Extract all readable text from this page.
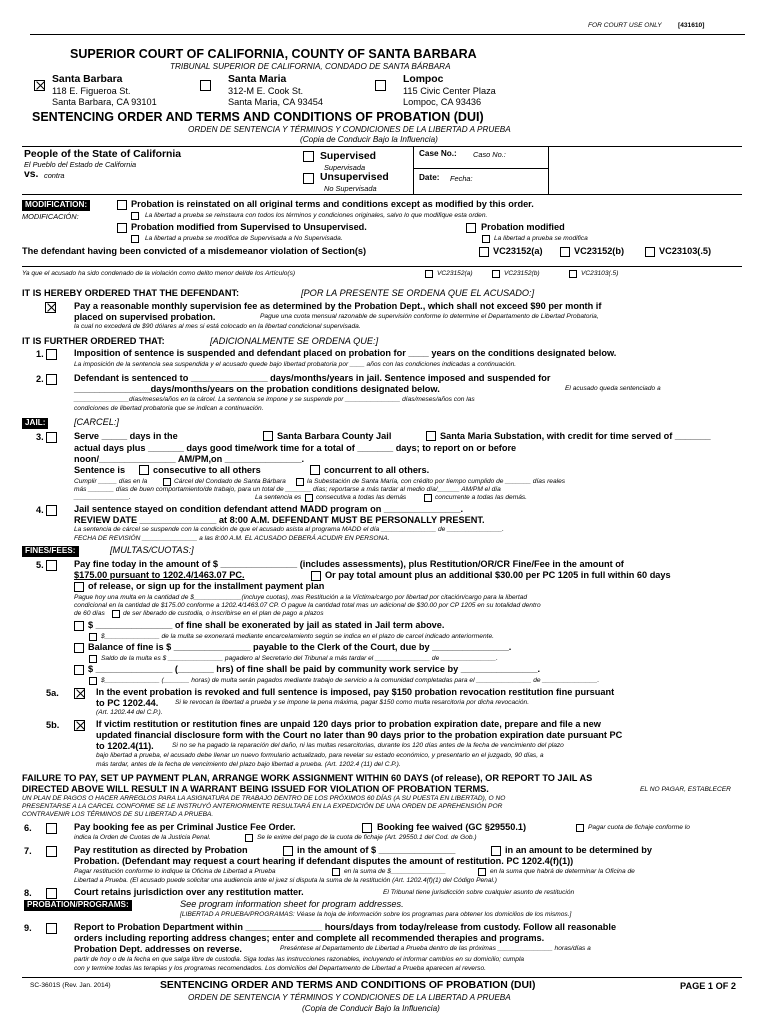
FOR COURT USE ONLY [431610]
SUPERIOR COURT OF CALIFORNIA, COUNTY OF SANTA BARBARA
TRIBUNAL SUPERIOR DE CALIFORNIA, CONDADO DE SANTA BÁRBARA
Santa Barbara
118 E. Figueroa St.
Santa Barbara, CA 93101
Santa Maria
312-M E. Cook St.
Santa Maria, CA 93454
Lompoc
115 Civic Center Plaza
Lompoc, CA 93436
SENTENCING ORDER AND TERMS AND CONDITIONS OF PROBATION (DUI)
ORDEN DE SENTENCIA Y TÉRMINOS Y CONDICIONES DE LA LIBERTAD A PRUEBA
(Copia de Conducir Bajo la Influencia)
People of the State of California
El Pueblo del Estado de California
vs. contra
Supervised
Supervisada
Unsupervised
No Supervisada
Case No.: Caso No.:
Date: Fecha:
MODIFICATION:
MODIFICACIÓN:
Probation is reinstated on all original terms and conditions except as modified by this order.
La libertad a prueba se reinstaura con todos los términos y condiciones originales, salvo lo que modifique esta orden.
Probation modified from Supervised to Unsupervised.	Probation modified
La libertad a prueba se modifica de Supervisada a No Supervisada.	La libertad a prueba se modifica
The defendant having been convicted of a misdemeanor violation of Section(s)	VC23152(a)	VC23152(b)	VC23103(.5)
Ya que el acusado ha sido condenado de la violación como delito menor del/de los Artículo(s)	VC23152(a)	VC23152(b)	VC23103(.5)
IT IS HEREBY ORDERED THAT THE DEFENDANT:	[POR LA PRESENTE SE ORDENA QUE EL ACUSADO:]
Pay a reasonable monthly supervision fee as determined by the Probation Dept., which shall not exceed $90 per month if
placed on supervised probation.	Pague una cuota mensual razonable de supervisión conforme lo determine el Departamento de Libertad Probatoria,
la cual no excederá de $90 dólares al mes si está colocado en la libertad condicional supervisada.
IT IS FURTHER ORDERED THAT:	[ADICIONALMENTE SE ORDENA QUE:]
1.	Imposition of sentence is suspended and defendant placed on probation for ____ years on the conditions designated below.
La imposición de la sentencia sea suspendida y el acusado quede bajo libertad probatoria por ____ años con las condiciones indicadas a continuación.
2.	Defendant is sentenced to _______________ days/months/years in jail. Sentence imposed and suspended for
_______________days/months/years on the probation conditions designated below.	El acusado queda sentenciado a
_______________días/meses/años en la cárcel. La sentencia se impone y se suspende por _______________ días/meses/años con las
condiciones de libertad probatoria que se indican a continuación.
JAIL:	[CARCEL:]
3.	Serve _____ days in the	Santa Barbara County Jail	Santa Maria Substation, with credit for time served of _______
actual days plus _______ days good time/work time for a total of _______ days; to report on or before
noon/_______________ AM/PM,on _______________.
Sentence is	consecutive to all others	concurrent to all others.
Cumplir _____ días en la	Cárcel del Condado de Santa Bárbara	la Subestación de Santa María, con crédito por tiempo cumplido de _______ días reales
más _______ días de buen comportamiento/de trabajo, para un total de _______ días; reportarse a más tardar al medio día/______ AM/PM el día
_______________.	La sentencia es consecutiva a todas las demás	concurrente a todas las demás.
4.	Jail sentence stayed on condition defendant attend MADD program on _______________.
REVIEW DATE _______________ at 8:00 A.M. DEFENDANT MUST BE PERSONALLY PRESENT.
La sentencia de cárcel se suspende con la condición de que el acusado asista al programa MADD el día _______________ de _______________.
FECHA DE REVISIÓN _______________ a las 8:00 A.M. EL ACUSADO DEBERÁ ACUDIR EN PERSONA.
FINES/FEES:	[MULTAS/CUOTAS:]
5.	Pay fine today in the amount of $ _______________ (includes assessments), plus Restitution/OR/CR Fine/Fee in the amount of
$175.00 pursuant to 1202.4/1463.07 PC.	Or pay total amount plus an additional $30.00 per PC 1205 in full within 60 days
of release, or sign up for the installment payment plan
Pague hoy una multa en la cantidad de $_____________(incluye cuotas), mas Restitución a la Víctima/cargo por libertad por citación/cargo para la libertad
condicional en la cantidad de $175.00 conforme a 1202.4/1463.07 CP. O pague la cantidad total mas un adicional de $30.00 por CP 1205 en su totalidad dentro
de 60 días	de ser liberado de custodia, o inscribirse en el plan de pago a plazos
$ _______________ of fine shall be exonerated by jail as stated in Jail term above.
$_______________ de la multa se exonerará mediante encarcelamiento según se indica en el plazo de carcel indicado anteriormente.
Balance of fine is $ _______________ payable to the Clerk of the Court, due by _______________.
Saldo de la multa es $ _______________ pagadero al Secretario del Tribunal a más tardar el _______________ de _______________.
$ _______________ (_______ hrs) of fine shall be paid by community work service by _______________.
$_______________ (_______ horas) de multa serán pagados mediante trabajo de servicio a la comunidad completadas para el _______________ de _______________.
5a.	In the event probation is revoked and full sentence is imposed, pay $150 probation revocation restitution fine pursuant
to PC 1202.44.	Si le revocan la libertad a prueba y se impone la pena máxima, pagar $150 como multa resarcitoria por dicha revocación.
(Art. 1202.44 del C.P.).
5b.	If victim restitution or restitution fines are unpaid 120 days prior to probation expiration date, prepare and file a new
updated financial disclosure form with the Court no later than 90 days prior to the probation expiration date pursuant PC
to 1202.4(11).	Si no se ha pagado la reparación del daño, ni las multas resarcitorias, durante los 120 días antes de la fecha de vencimiento del plazo
bajo libertad a prueba, el acusado debe llenar un nuevo formulario actualizado, para revelar su estado económico, y presentarlo en el juzgado, 90 días, a
más tardar, antes de la fecha de vencimiento del plazo bajo libertad a prueba. (Art. 1202.4 (11) del C.P.).
FAILURE TO PAY, SET UP PAYMENT PLAN, ARRANGE WORK ASSIGNMENT WITHIN 60 DAYS (of release), OR REPORT TO JAIL AS
DIRECTED ABOVE WILL RESULT IN A WARRANT BEING ISSUED FOR VIOLATION OF PROBATION TERMS.	EL NO PAGAR, ESTABLECER
UN PLAN DE PAGOS O HACER ARREGLOS PARA LA ASIGNATURA DE TRABAJO DENTRO DE LOS PRÓXIMOS 60 DÍAS (A SU PUESTA EN LIBERTAD), O NO
PRESENTARSE A LA CARCEL CONFORME SE LE INSTRUYÓ ANTERIORMENTE RESULTARÁ EN LA EXPEDICIÓN DE UNA ORDEN DE APREHENSIÓN POR
CONTRAVENIR LOS TÉRMINOS DE SU LIBERTAD A PRUEBA.
6.	Pay booking fee as per Criminal Justice Fee Order.	Booking fee waived (GC §29550.1)	Pagar cuota de fichaje conforme lo
indica la Orden de Cuotas de la Justicia Penal.	Se le exime del pago de la cuota de fichaje (Art. 29550.1 del Cod. de Gob.)
7.	Pay restitution as directed by Probation	in the amount of $ _______________	in an amount to be determined by
Probation. (Defendant may request a court hearing if defendant disputes the amount of restitution. PC 1202.4(f)(1))
Pagar restitución conforme lo indique la Oficina de Libertad a Prueba	en la suma de $_______________	en la suma que habrá de determinar la Oficina de
Libertad a Prueba. (El acusado puede solicitar una audiencia ante el juez si disputa la suma de la restitución (Art. 1202.4(f)(1) del Código Penal.)
8.	Court retains jurisdiction over any restitution matter.	El Tribunal tiene jurisdicción sobre cualquier asunto de restitución
PROBATION/PROGRAMS:	See program information sheet for program addresses.
[LIBERTAD A PRUEBA/PROGRAMAS: Véase la hoja de información sobre los programas para obtener los domicilios de los mismos.]
9.	Report to Probation Department within _______________ hours/days from today/release from custody. Follow all reasonable
orders including reporting address changes; enter and complete all recommended therapies and programs.
Probation Dept. addresses on reverse.	Preséntese al Departamento de Libertad a Prueba dentro de las próximas _______________ horas/días a
partir de hoy o de la fecha en que salga libre de custodia. Siga todas las instrucciones razonables, incluyendo el informar cambios en su domicilio; cumpla
con y termine todas las terapias y los programas recomendados. Los domicilios del Departamento de Libertad a Prueba aparecen al reverso.
SC-3601S (Rev. Jan. 2014)	SENTENCING ORDER AND TERMS AND CONDITIONS OF PROBATION (DUI)
ORDEN DE SENTENCIA Y TÉRMINOS Y CONDICIONES DE LA LIBERTAD A PRUEBA
(Copia de Conducir Bajo la Influencia)
PAGE 1 OF 2
